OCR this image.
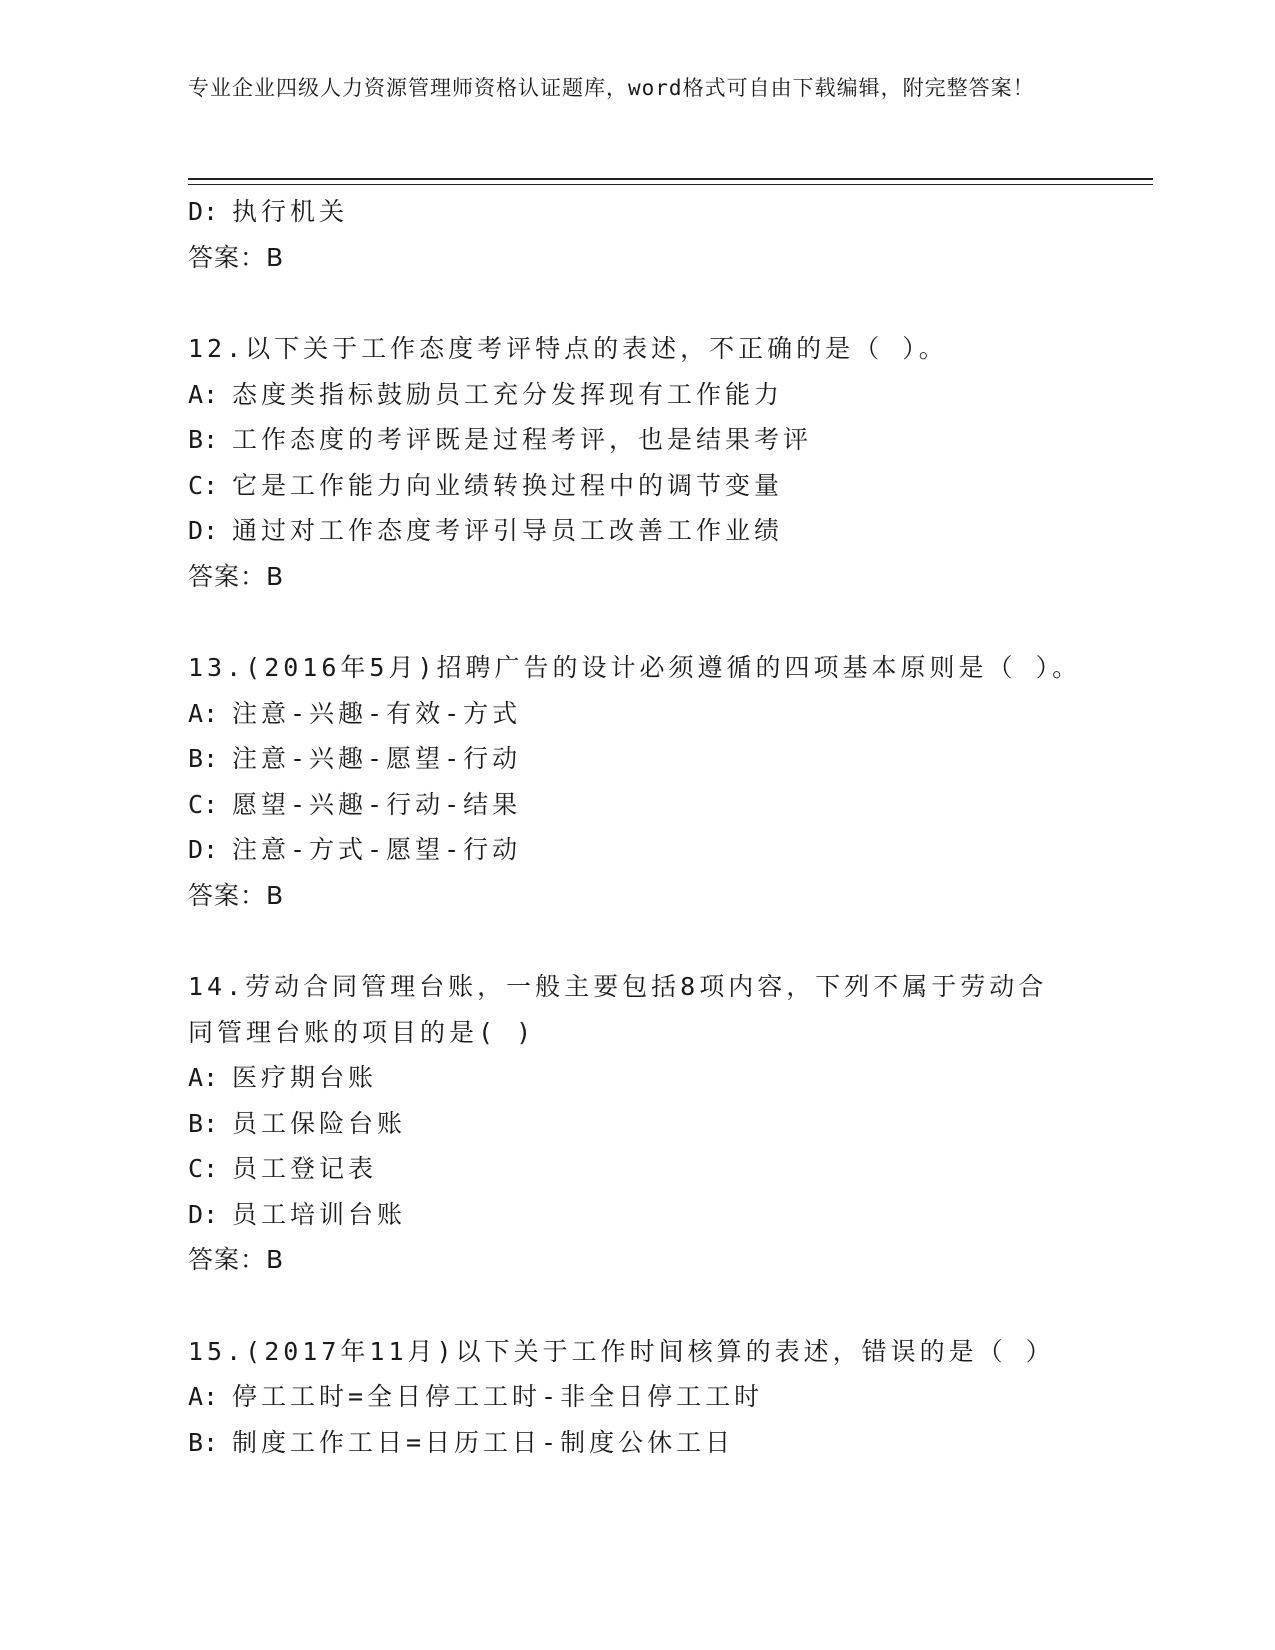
专业企业四级人力资源管理师资格认证题库，word格式可自由下载编辑，附完整答案！
D: 执行机关
答案：B
12.以下关于工作态度考评特点的表述，不正确的是（ ）。
A: 态度类指标鼓励员工充分发挥现有工作能力
B: 工作态度的考评既是过程考评，也是结果考评
C: 它是工作能力向业绩转换过程中的调节变量
D: 通过对工作态度考评引导员工改善工作业绩
答案：B
13.(2016年5月)招聘广告的设计必须遵循的四项基本原则是（ ）。
A: 注意-兴趣-有效-方式
B: 注意-兴趣-愿望-行动
C: 愿望-兴趣-行动-结果
D: 注意-方式-愿望-行动
答案：B
14.劳动合同管理台账，一般主要包括8项内容，下列不属于劳动合同管理台账的项目的是( )
A: 医疗期台账
B: 员工保险台账
C: 员工登记表
D: 员工培训台账
答案：B
15.(2017年11月)以下关于工作时间核算的表述，错误的是（ ）
A: 停工工时=全日停工工时-非全日停工工时
B: 制度工作工日=日历工日-制度公休工日
